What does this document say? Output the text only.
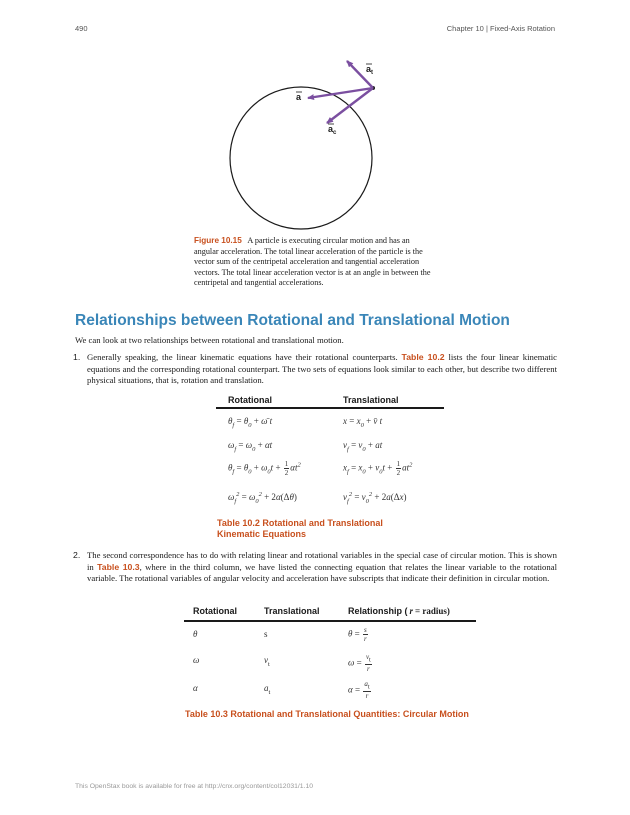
490	Chapter 10 | Fixed-Axis Rotation
$a_t$
a
$a_c$
Figure 10.15 A particle is executing circular motion and has an angular acceleration. The total linear acceleration of the particle is the vector sum of the centripetal acceleration and tangential acceleration vectors. The total linear acceleration vector is at an angle in between the centripetal and tangential accelerations.
Relationships between Rotational and Translational Motion

We can look at two relationships between rotational and translational motion.

1. Generally speaking, the linear kinematic equations have their rotational counterparts. Table 10.2 lists the four linear kinematic equations and the corresponding rotational counterpart. The two sets of equations look similar to each other, but describe two different physical situations, that is, rotation and translation.

Rotational	Translational
$\theta_f = \theta_0$ + ω̄ t	$x = x_0$ + v̄ t
$\omega_f = \omega_0 + \alpha t$	$v_f = v_0$ + at
$\theta_f = \theta_0 + \omega_0t + \frac{1}{2} \alpha t^2$	$x_f = x_0 + v_0t + \frac{1}{2} at^2$
$\omega_f^2 = \omega_0^2 + 2\alpha(\Delta\theta)$	$v_f^2 = v_0^2 + 2a(\Delta x)$
Table 10.2 Rotational and Translational Kinematic Equations

2. The second correspondence has to do with relating linear and rotational variables in the special case of circular motion. This is shown in Table 10.3, where in the third column, we have listed the connecting equation that relates the linear variable to the rotational variable. The rotational variables of angular velocity and acceleration have subscripts that indicate their definition in circular motion.

Rotational	Translational	Relationship ( r = radius)
θ	s	$\theta = \frac{s}{r}$
ω	$v_t$	$\omega = \frac{v_t}{r}$
α	$a_t$	$\alpha = \frac{a_t}{r}$
Table 10.3 Rotational and Translational Quantities: Circular Motion
This OpenStax book is available for free at http://cnx.org/content/col12031/1.10
